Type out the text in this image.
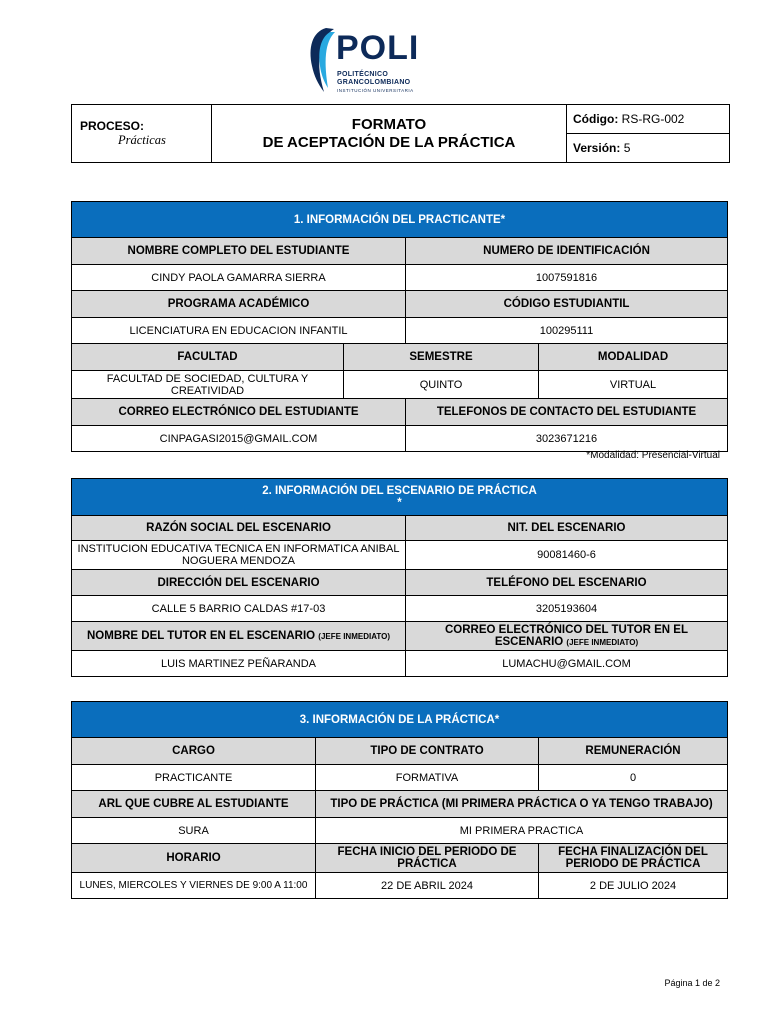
POLI
POLITÉCNICO
GRANCOLOMBIANO
INSTITUCIÓN UNIVERSITARIA
PROCESO:
Prácticas
	FORMATO
DE ACEPTACIÓN DE LA PRÁCTICA	Código: RS-RG-002
Versión: 5
1. INFORMACIÓN DEL PRACTICANTE*			
NOMBRE COMPLETO DEL ESTUDIANTE		NUMERO DE IDENTIFICACIÓN	
CINDY PAOLA GAMARRA SIERRA		1007591816	
PROGRAMA ACADÉMICO		CÓDIGO ESTUDIANTIL	
LICENCIATURA EN EDUCACION INFANTIL		100295111	
FACULTAD	SEMESTRE		MODALIDAD
FACULTAD DE SOCIEDAD, CULTURA Y CREATIVIDAD	QUINTO		VIRTUAL
CORREO ELECTRÓNICO DEL ESTUDIANTE		TELEFONOS DE CONTACTO DEL ESTUDIANTE	
CINPAGASI2015@GMAIL.COM		3023671216	
*Modalidad: Presencial-Virtual
2. INFORMACIÓN DEL ESCENARIO DE PRÁCTICA
*	
RAZÓN SOCIAL DEL ESCENARIO	NIT. DEL ESCENARIO
INSTITUCION EDUCATIVA TECNICA EN INFORMATICA ANIBAL NOGUERA MENDOZA	90081460-6
DIRECCIÓN DEL ESCENARIO	TELÉFONO DEL ESCENARIO
CALLE 5 BARRIO CALDAS #17-03	3205193604
NOMBRE DEL TUTOR EN EL ESCENARIO (JEFE INMEDIATO)	CORREO ELECTRÓNICO DEL TUTOR EN EL ESCENARIO (JEFE INMEDIATO)
LUIS MARTINEZ PEÑARANDA	LUMACHU@GMAIL.COM
3. INFORMACIÓN DE LA PRÁCTICA*		
CARGO	TIPO DE CONTRATO	REMUNERACIÓN
PRACTICANTE	FORMATIVA	0
ARL QUE CUBRE AL ESTUDIANTE	TIPO DE PRÁCTICA (MI PRIMERA PRÁCTICA O YA TENGO TRABAJO)	
SURA	MI PRIMERA PRACTICA	
HORARIO	FECHA INICIO DEL PERIODO DE PRÁCTICA	FECHA FINALIZACIÓN DEL PERIODO DE PRÁCTICA
LUNES, MIERCOLES Y VIERNES DE 9:00 A 11:00	22 DE ABRIL 2024	2 DE JULIO 2024
Página 1 de 2
